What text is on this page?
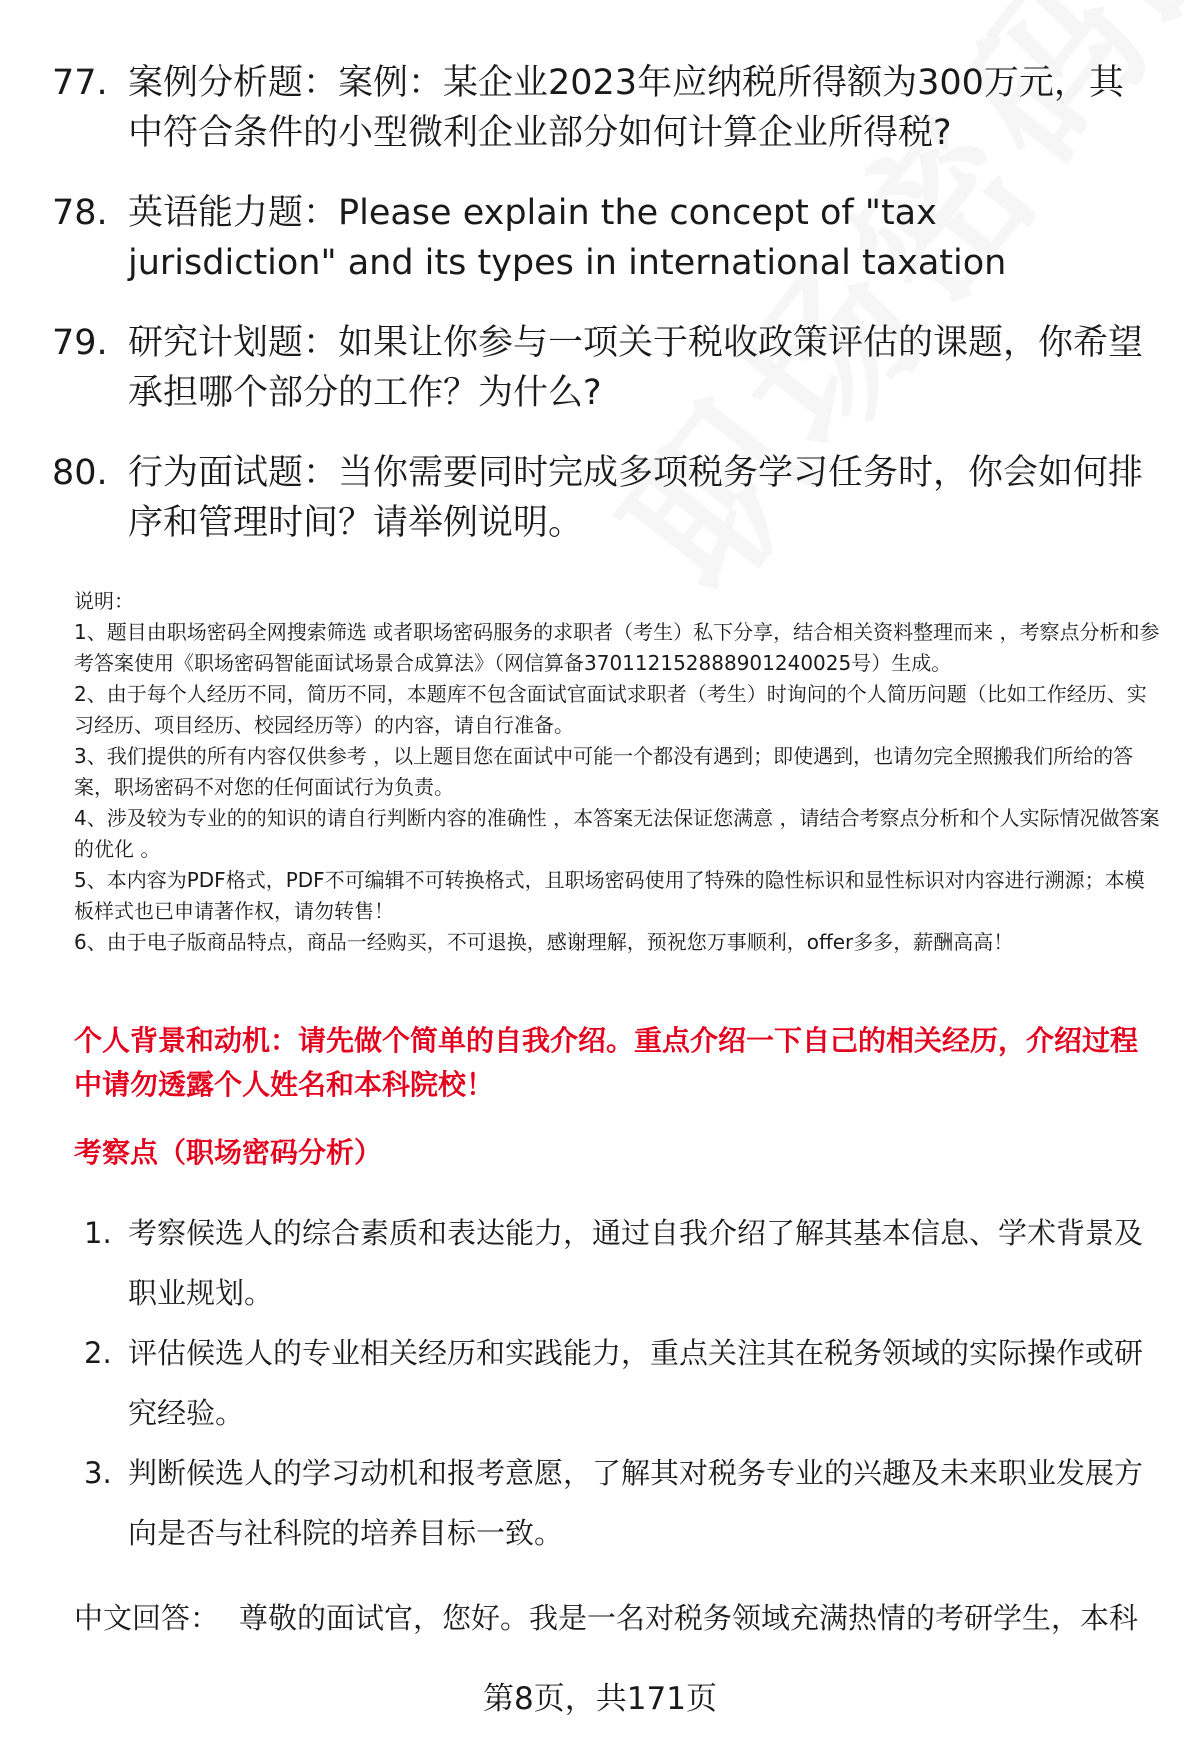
77. 案例分析题：案例：某企业2023年应纳税所得额为300万元，其中符合条件的小型微利企业部分如何计算企业所得税?
78. 英语能力题：Please explain the concept of "tax jurisdiction" and its types in international taxation
79. 研究计划题：如果让你参与一项关于税收政策评估的课题，你希望承担哪个部分的工作？为什么?
80. 行为面试题：当你需要同时完成多项税务学习任务时，你会如何排序和管理时间？请举例说明。

说明：

1、题目由职场密码全网搜索筛选 或者职场密码服务的求职者（考生）私下分享，结合相关资料整理而来 ，考察点分析和参考答案使用《职场密码智能面试场景合成算法》（网信算备370112152888901240025号）生成。

2、由于每个人经历不同，简历不同，本题库不包含面试官面试求职者（考生）时询问的个人简历问题（比如工作经历、实习经历、项目经历、校园经历等）的内容，请自行准备。

3、我们提供的所有内容仅供参考 ，以上题目您在面试中可能一个都没有遇到；即使遇到，也请勿完全照搬我们所给的答案，职场密码不对您的任何面试行为负责。

4、涉及较为专业的的知识的请自行判断内容的准确性 ，本答案无法保证您满意 ，请结合考察点分析和个人实际情况做答案的优化 。

5、本内容为PDF格式，PDF不可编辑不可转换格式，且职场密码使用了特殊的隐性标识和显性标识对内容进行溯源；本模板样式也已申请著作权，请勿转售！

6、由于电子版商品特点，商品一经购买，不可退换，感谢理解，预祝您万事顺利，offer多多，薪酬高高！

个人背景和动机：请先做个简单的自我介绍。重点介绍一下自己的相关经历，介绍过程中请勿透露个人姓名和本科院校！
考察点（职场密码分析）
1. 考察候选人的综合素质和表达能力，通过自我介绍了解其基本信息、学术背景及职业规划。
2. 评估候选人的专业相关经历和实践能力，重点关注其在税务领域的实际操作或研究经验。
3. 判断候选人的学习动机和报考意愿，了解其对税务专业的兴趣及未来职业发展方向是否与社科院的培养目标一致。
中文回答： 尊敬的面试官，您好。我是一名对税务领域充满热情的考研学生，本科
第8页，共171页
